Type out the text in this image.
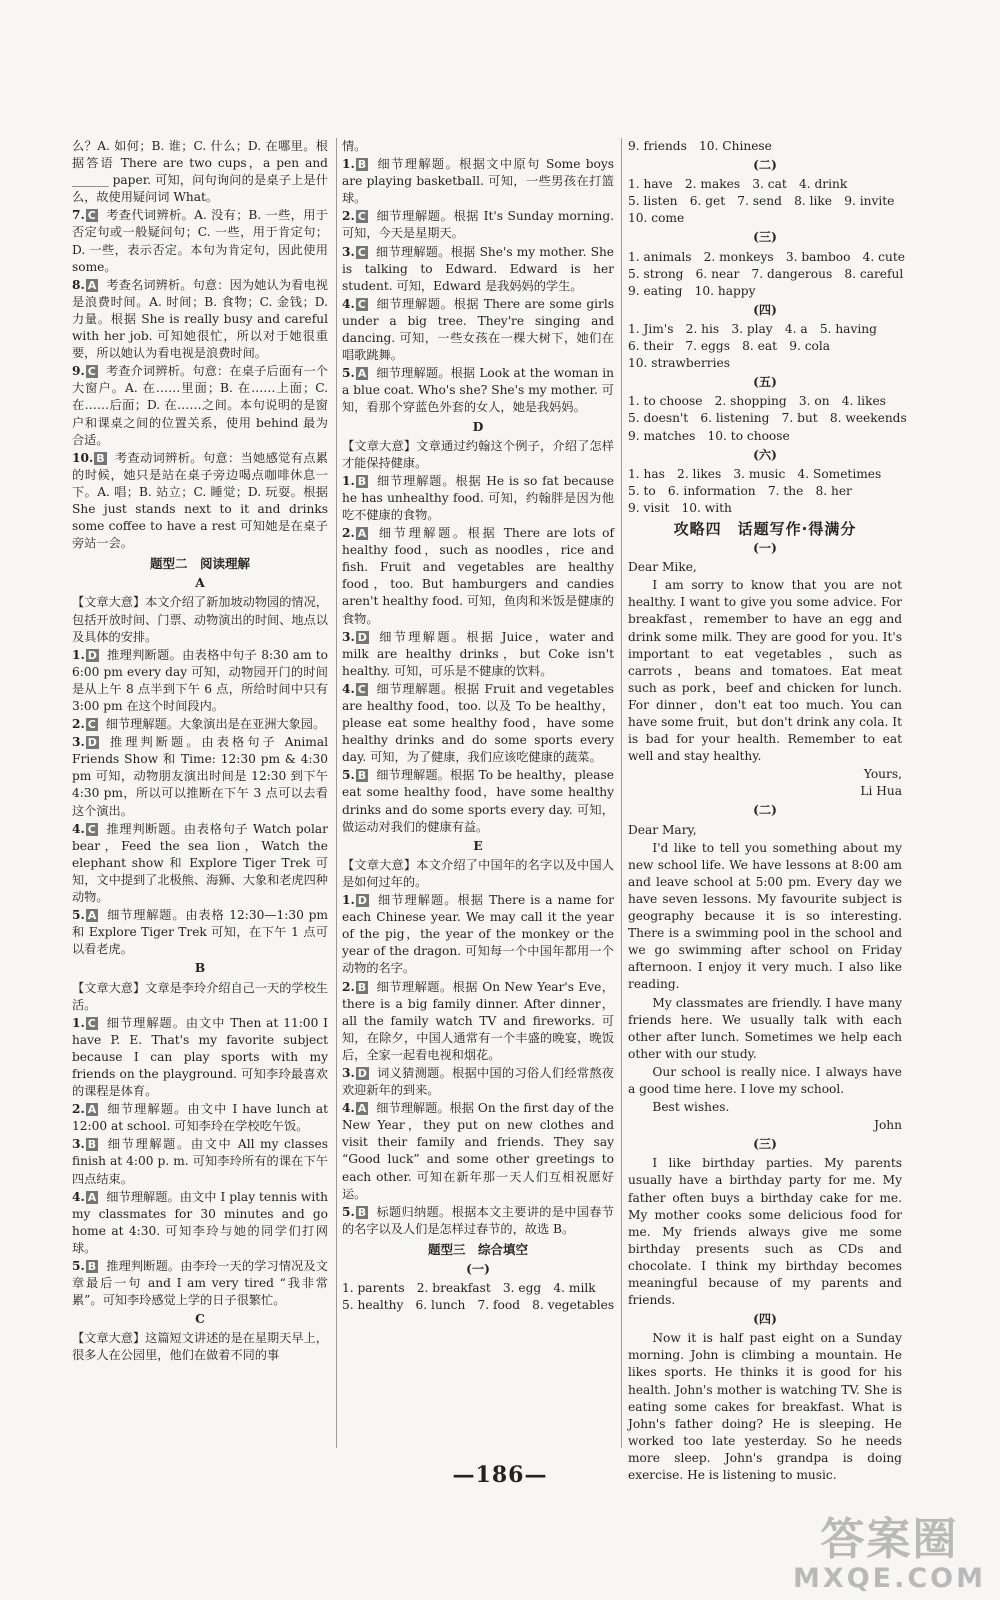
么？A. 如何；B. 谁；C. 什么；D. 在哪里。根据答语 There are two cups，a pen and ______ paper. 可知，问句询问的是桌子上是什么，故使用疑问词 What。
7. C 考查代词辨析。A. 没有；B. 一些，用于否定句或一般疑问句；C. 一些，用于肯定句；D. 一些，表示否定。本句为肯定句，因此使用 some。
8. A 考查名词辨析。句意：因为她认为看电视是浪费时间。A. 时间；B. 食物；C. 金钱；D. 力量。根据 She is really busy and careful with her job. 可知她很忙，所以对于她很重要，所以她认为看电视是浪费时间。
9. C 考查介词辨析。句意：在桌子后面有一个大窗户。A. 在……里面；B. 在……上面；C. 在……后面；D. 在……之间。本句说明的是窗户和课桌之间的位置关系，使用 behind 最为合适。
10. B 考查动词辨析。句意：当她感觉有点累的时候，她只是站在桌子旁边喝点咖啡休息一下。A. 唱；B. 站立；C. 睡觉；D. 玩耍。根据 She just stands next to it and drinks some coffee to have a rest 可知她是在桌子旁站一会。
题型二　阅读理解
A
【文章大意】本文介绍了新加坡动物园的情况，包括开放时间、门票、动物演出的时间、地点以及具体的安排。
1. D 推理判断题。由表格中句子 8:30 am to 6:00 pm every day 可知，动物园开门的时间是从上午 8 点半到下午 6 点，所给时间中只有 3:00 pm 在这个时间段内。
2. C 细节理解题。大象演出是在亚洲大象园。
3. D 推理判断题。由表格句子 Animal Friends Show 和 Time: 12:30 pm & 4:30 pm 可知，动物朋友演出时间是 12:30 到下午 4:30 pm，所以可以推断在下午 3 点可以去看这个演出。
4. C 推理判断题。由表格句子 Watch polar bear，Feed the sea lion，Watch the elephant show 和 Explore Tiger Trek 可知，文中提到了北极熊、海狮、大象和老虎四种动物。
5. A 细节理解题。由表格 12:30—1:30 pm 和 Explore Tiger Trek 可知，在下午 1 点可以看老虎。
B
【文章大意】文章是李玲介绍自己一天的学校生活。
1. C 细节理解题。由文中 Then at 11:00 I have P. E. That's my favorite subject because I can play sports with my friends on the playground. 可知李玲最喜欢的课程是体育。
2. A 细节理解题。由文中 I have lunch at 12:00 at school. 可知李玲在学校吃午饭。
3. B 细节理解题。由文中 All my classes finish at 4:00 p. m. 可知李玲所有的课在下午四点结束。
4. A 细节理解题。由文中 I play tennis with my classmates for 30 minutes and go home at 4:30. 可知李玲与她的同学们打网球。
5. B 推理判断题。由李玲一天的学习情况及文章最后一句 and I am very tired “我非常累”。可知李玲感觉上学的日子很繁忙。
C
【文章大意】这篇短文讲述的是在星期天早上，很多人在公园里，他们在做着不同的事
情。
1. B 细节理解题。根据文中原句 Some boys are playing basketball. 可知，一些男孩在打篮球。
2. C 细节理解题。根据 It's Sunday morning. 可知，今天是星期天。
3. C 细节理解题。根据 She's my mother. She is talking to Edward. Edward is her student. 可知，Edward 是我妈妈的学生。
4. C 细节理解题。根据 There are some girls under a big tree. They're singing and dancing. 可知，一些女孩在一棵大树下，她们在唱歌跳舞。
5. A 细节理解题。根据 Look at the woman in a blue coat. Who's she? She's my mother. 可知，看那个穿蓝色外套的女人，她是我妈妈。
D
【文章大意】文章通过约翰这个例子，介绍了怎样才能保持健康。
1. B 细节理解题。根据 He is so fat because he has unhealthy food. 可知，约翰胖是因为他吃不健康的食物。
2. A 细节理解题。根据 There are lots of healthy food，such as noodles，rice and fish. Fruit and vegetables are healthy food，too. But hamburgers and candies aren't healthy food. 可知，鱼肉和米饭是健康的食物。
3. D 细节理解题。根据 Juice，water and milk are healthy drinks，but Coke isn't healthy. 可知，可乐是不健康的饮料。
4. C 细节理解题。根据 Fruit and vegetables are healthy food，too. 以及 To be healthy，please eat some healthy food，have some healthy drinks and do some sports every day. 可知，为了健康，我们应该吃健康的蔬菜。
5. B 细节理解题。根据 To be healthy，please eat some healthy food，have some healthy drinks and do some sports every day. 可知，做运动对我们的健康有益。
E
【文章大意】本文介绍了中国年的名字以及中国人是如何过年的。
1. D 细节理解题。根据 There is a name for each Chinese year. We may call it the year of the pig，the year of the monkey or the year of the dragon. 可知每一个中国年都用一个动物的名字。
2. B 细节理解题。根据 On New Year's Eve，there is a big family dinner. After dinner，all the family watch TV and fireworks. 可知，在除夕，中国人通常有一个丰盛的晚宴，晚饭后，全家一起看电视和烟花。
3. D 词义猜测题。根据中国的习俗人们经常熬夜欢迎新年的到来。
4. A 细节理解题。根据 On the first day of the New Year，they put on new clothes and visit their family and friends. They say “Good luck” and some other greetings to each other. 可知在新年那一天人们互相祝愿好运。
5. B 标题归纳题。根据本文主要讲的是中国春节的名字以及人们是怎样过春节的，故选 B。
题型三　综合填空
(一)
1. parents　2. breakfast　3. egg　4. milk
5. healthy　6. lunch　7. food　8. vegetables
9. friends　10. Chinese
(二)
1. have　2. makes　3. cat　4. drink
5. listen　6. get　7. send　8. like　9. invite
10. come
(三)
1. animals　2. monkeys　3. bamboo　4. cute
5. strong　6. near　7. dangerous　8. careful
9. eating　10. happy
(四)
1. Jim's　2. his　3. play　4. a　5. having
6. their　7. eggs　8. eat　9. cola
10. strawberries
(五)
1. to choose　2. shopping　3. on　4. likes
5. doesn't　6. listening　7. but　8. weekends
9. matches　10. to choose
(六)
1. has　2. likes　3. music　4. Sometimes
5. to　6. information　7. the　8. her
9. visit　10. with
攻略四　话题写作·得满分
(一)
Dear Mike,
I am sorry to know that you are not healthy. I want to give you some advice. For breakfast，remember to have an egg and drink some milk. They are good for you. It's important to eat vegetables，such as carrots，beans and tomatoes. Eat meat such as pork，beef and chicken for lunch. For dinner，don't eat too much. You can have some fruit，but don't drink any cola. It is bad for your health. Remember to eat well and stay healthy.
Yours,
Li Hua
(二)
Dear Mary,
I'd like to tell you something about my new school life. We have lessons at 8:00 am and leave school at 5:00 pm. Every day we have seven lessons. My favourite subject is geography because it is so interesting. There is a swimming pool in the school and we go swimming after school on Friday afternoon. I enjoy it very much. I also like reading.
My classmates are friendly. I have many friends here. We usually talk with each other after lunch. Sometimes we help each other with our study.
Our school is really nice. I always have a good time here. I love my school.
Best wishes.
John
(三)
I like birthday parties. My parents usually have a birthday party for me. My father often buys a birthday cake for me. My mother cooks some delicious food for me. My friends always give me some birthday presents such as CDs and chocolate. I think my birthday becomes meaningful because of my parents and friends.
(四)
Now it is half past eight on a Sunday morning. John is climbing a mountain. He likes sports. He thinks it is good for his health. John's mother is watching TV. She is eating some cakes for breakfast. What is John's father doing? He is sleeping. He worked too late yesterday. So he needs more sleep. John's grandpa is doing exercise. He is listening to music.
—186—
答案圈
MXQE.COM
